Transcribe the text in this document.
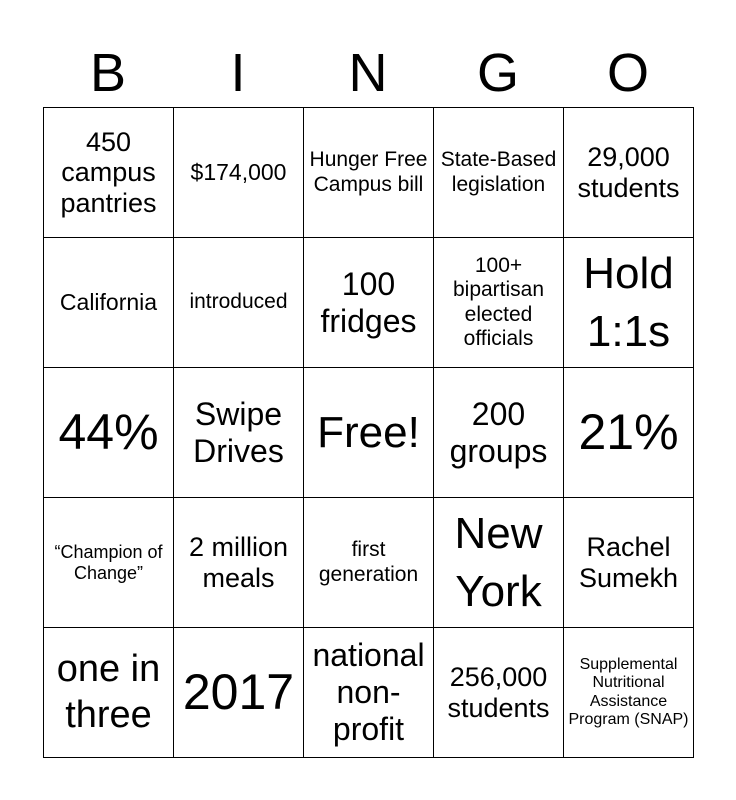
B	I	N	G	O
450 campus pantries	$174,000	Hunger Free Campus bill	State-Based legislation	29,000 students
California	introduced	100 fridges	100+ bipartisan elected officials	Hold 1:1s
44%	Swipe Drives	Free!	200 groups	21%
“Champion of Change”	2 million meals	first generation	New York	Rachel Sumekh
one in three	2017	national non-profit	256,000 students	Supplemental Nutritional Assistance Program (SNAP)
